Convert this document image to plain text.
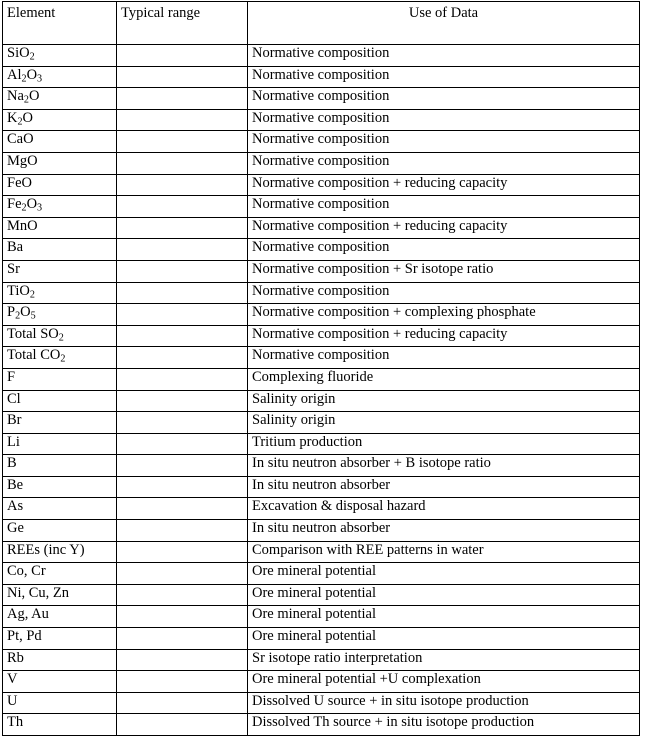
Element	Typical range	Use of Data
SiO$_2$		Normative composition
$Al_2O_3$		Normative composition
$Na_2O$		Normative composition
$K_2O$		Normative composition
CaO		Normative composition
MgO		Normative composition
FeO		Normative composition + reducing capacity
$Fe_2O_3$		Normative composition
MnO		Normative composition + reducing capacity
Ba		Normative composition
Sr		Normative composition + Sr isotope ratio
TiO$_2$		Normative composition
$P_2O_5$		Normative composition + complexing phosphate
Total $SO_2$		Normative composition + reducing capacity
Total $CO_2$		Normative composition
F		Complexing fluoride
Cl		Salinity origin
Br		Salinity origin
Li		Tritium production
B		In situ neutron absorber + B isotope ratio
Be		In situ neutron absorber
As		Excavation & disposal hazard
Ge		In situ neutron absorber
REEs (inc Y)		Comparison with REE patterns in water
Co, Cr		Ore mineral potential
Ni, Cu, Zn		Ore mineral potential
Ag, Au		Ore mineral potential
Pt, Pd		Ore mineral potential
Rb		Sr isotope ratio interpretation
V		Ore mineral potential +U complexation
U		Dissolved U source + in situ isotope production
Th		Dissolved Th source + in situ isotope production
